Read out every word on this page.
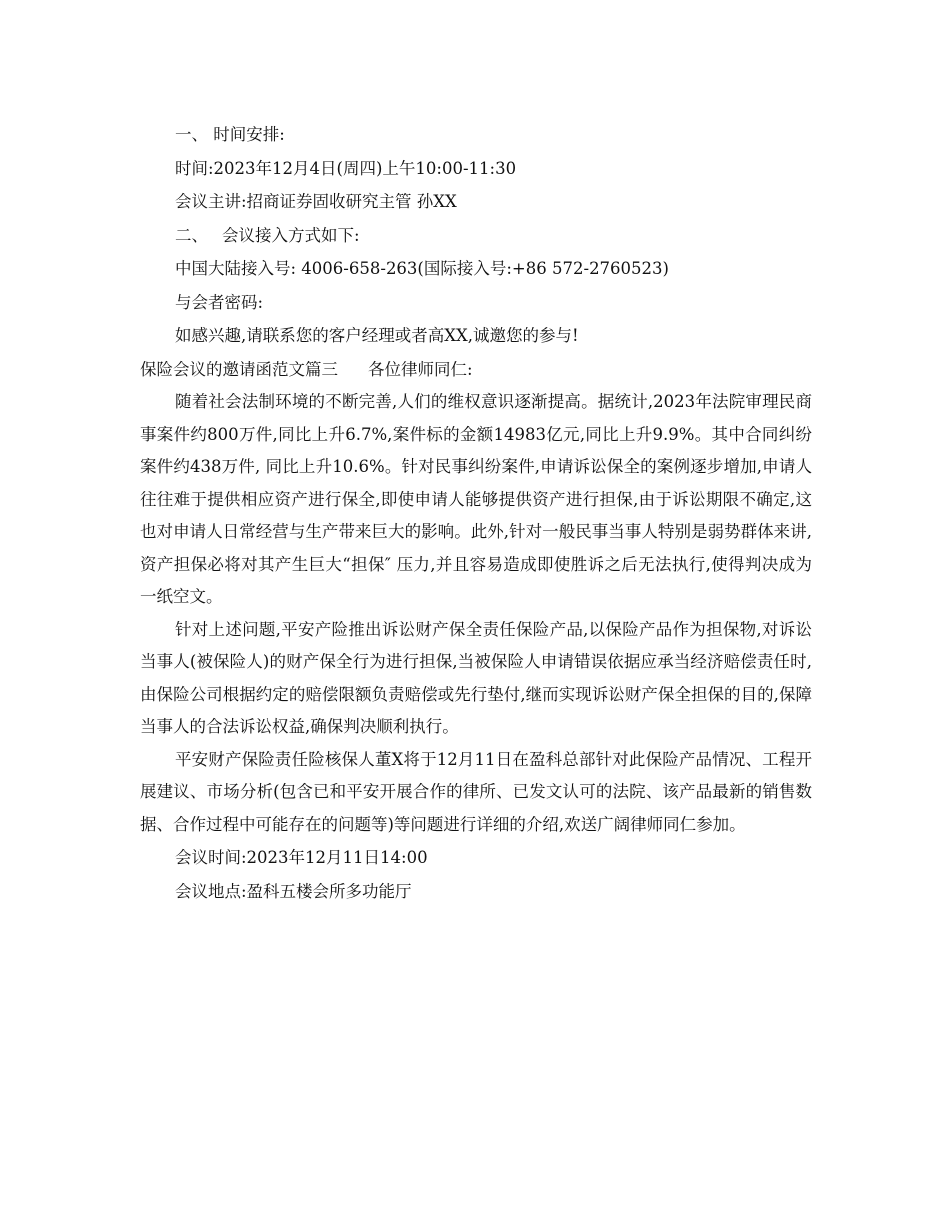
一、 时间安排:

时间:2023年12月4日(周四)上午10:00-11:30

会议主讲:招商证券固收研究主管 孙XX

二、 会议接入方式如下:

中国大陆接入号: 4006-658-263(国际接入号:+86 572-2760523)

与会者密码:

如感兴趣,请联系您的客户经理或者高XX,诚邀您的参与!

保险会议的邀请函范文篇三 各位律师同仁:

随着社会法制环境的不断完善,人们的维权意识逐渐提高。据统计,2023年法院审理民商事案件约800万件,同比上升6.7%,案件标的金额14983亿元,同比上升9.9%。其中合同纠纷案件约438万件, 同比上升10.6%。针对民事纠纷案件,申请诉讼保全的案例逐步增加,申请人往往难于提供相应资产进行保全,即使申请人能够提供资产进行担保,由于诉讼期限不确定,这也对申请人日常经营与生产带来巨大的影响。此外,针对一般民事当事人特别是弱势群体来讲,资产担保必将对其产生巨大“担保″ 压力,并且容易造成即使胜诉之后无法执行,使得判决成为一纸空文。

针对上述问题,平安产险推出诉讼财产保全责任保险产品,以保险产品作为担保物,对诉讼当事人(被保险人)的财产保全行为进行担保,当被保险人申请错误依据应承当经济赔偿责任时,由保险公司根据约定的赔偿限额负责赔偿或先行垫付,继而实现诉讼财产保全担保的目的,保障当事人的合法诉讼权益,确保判决顺利执行。

平安财产保险责任险核保人董X将于12月11日在盈科总部针对此保险产品情况、工程开展建议、市场分析(包含已和平安开展合作的律所、已发文认可的法院、该产品最新的销售数据、合作过程中可能存在的问题等)等问题进行详细的介绍,欢送广阔律师同仁参加。

会议时间:2023年12月11日14:00

会议地点:盈科五楼会所多功能厅
